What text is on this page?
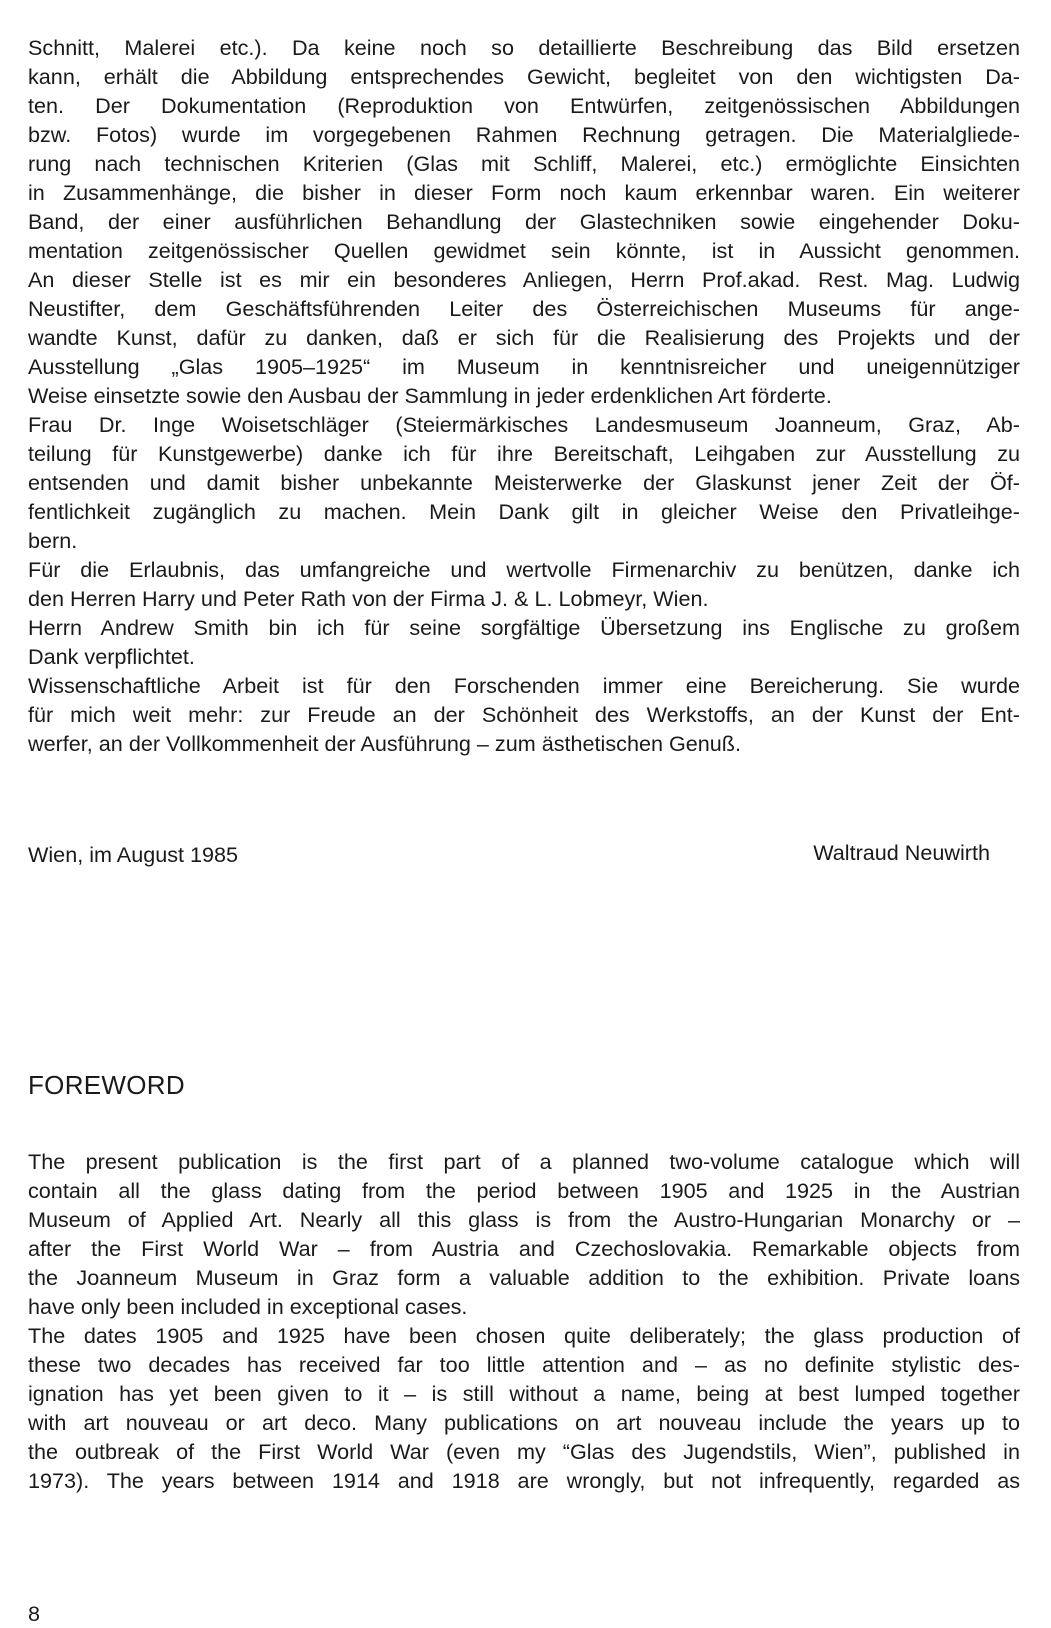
Schnitt, Malerei etc.). Da keine noch so detaillierte Beschreibung das Bild ersetzen
kann, erhält die Abbildung entsprechendes Gewicht, begleitet von den wichtigsten Da-
ten. Der Dokumentation (Reproduktion von Entwürfen, zeitgenössischen Abbildungen
bzw. Fotos) wurde im vorgegebenen Rahmen Rechnung getragen. Die Materialgliede-
rung nach technischen Kriterien (Glas mit Schliff, Malerei, etc.) ermöglichte Einsichten
in Zusammenhänge, die bisher in dieser Form noch kaum erkennbar waren. Ein weiterer
Band, der einer ausführlichen Behandlung der Glastechniken sowie eingehender Doku-
mentation zeitgenössischer Quellen gewidmet sein könnte, ist in Aussicht genommen.
An dieser Stelle ist es mir ein besonderes Anliegen, Herrn Prof.akad. Rest. Mag. Ludwig
Neustifter, dem Geschäftsführenden Leiter des Österreichischen Museums für ange-
wandte Kunst, dafür zu danken, daß er sich für die Realisierung des Projekts und der
Ausstellung „Glas 1905–1925“ im Museum in kenntnisreicher und uneigennütziger
Weise einsetzte sowie den Ausbau der Sammlung in jeder erdenklichen Art förderte.
Frau Dr. Inge Woisetschläger (Steiermärkisches Landesmuseum Joanneum, Graz, Ab-
teilung für Kunstgewerbe) danke ich für ihre Bereitschaft, Leihgaben zur Ausstellung zu
entsenden und damit bisher unbekannte Meisterwerke der Glaskunst jener Zeit der Öf-
fentlichkeit zugänglich zu machen. Mein Dank gilt in gleicher Weise den Privatleihge-
bern.
Für die Erlaubnis, das umfangreiche und wertvolle Firmenarchiv zu benützen, danke ich
den Herren Harry und Peter Rath von der Firma J. & L. Lobmeyr, Wien.
Herrn Andrew Smith bin ich für seine sorgfältige Übersetzung ins Englische zu großem
Dank verpflichtet.
Wissenschaftliche Arbeit ist für den Forschenden immer eine Bereicherung. Sie wurde
für mich weit mehr: zur Freude an der Schönheit des Werkstoffs, an der Kunst der Ent-
werfer, an der Vollkommenheit der Ausführung – zum ästhetischen Genuß.
Wien, im August 1985	Waltraud Neuwirth
FOREWORD
The present publication is the first part of a planned two-volume catalogue which will
contain all the glass dating from the period between 1905 and 1925 in the Austrian
Museum of Applied Art. Nearly all this glass is from the Austro-Hungarian Monarchy or –
after the First World War – from Austria and Czechoslovakia. Remarkable objects from
the Joanneum Museum in Graz form a valuable addition to the exhibition. Private loans
have only been included in exceptional cases.
The dates 1905 and 1925 have been chosen quite deliberately; the glass production of
these two decades has received far too little attention and – as no definite stylistic des-
ignation has yet been given to it – is still without a name, being at best lumped together
with art nouveau or art deco. Many publications on art nouveau include the years up to
the outbreak of the First World War (even my “Glas des Jugendstils, Wien”, published in
1973). The years between 1914 and 1918 are wrongly, but not infrequently, regarded as
8
